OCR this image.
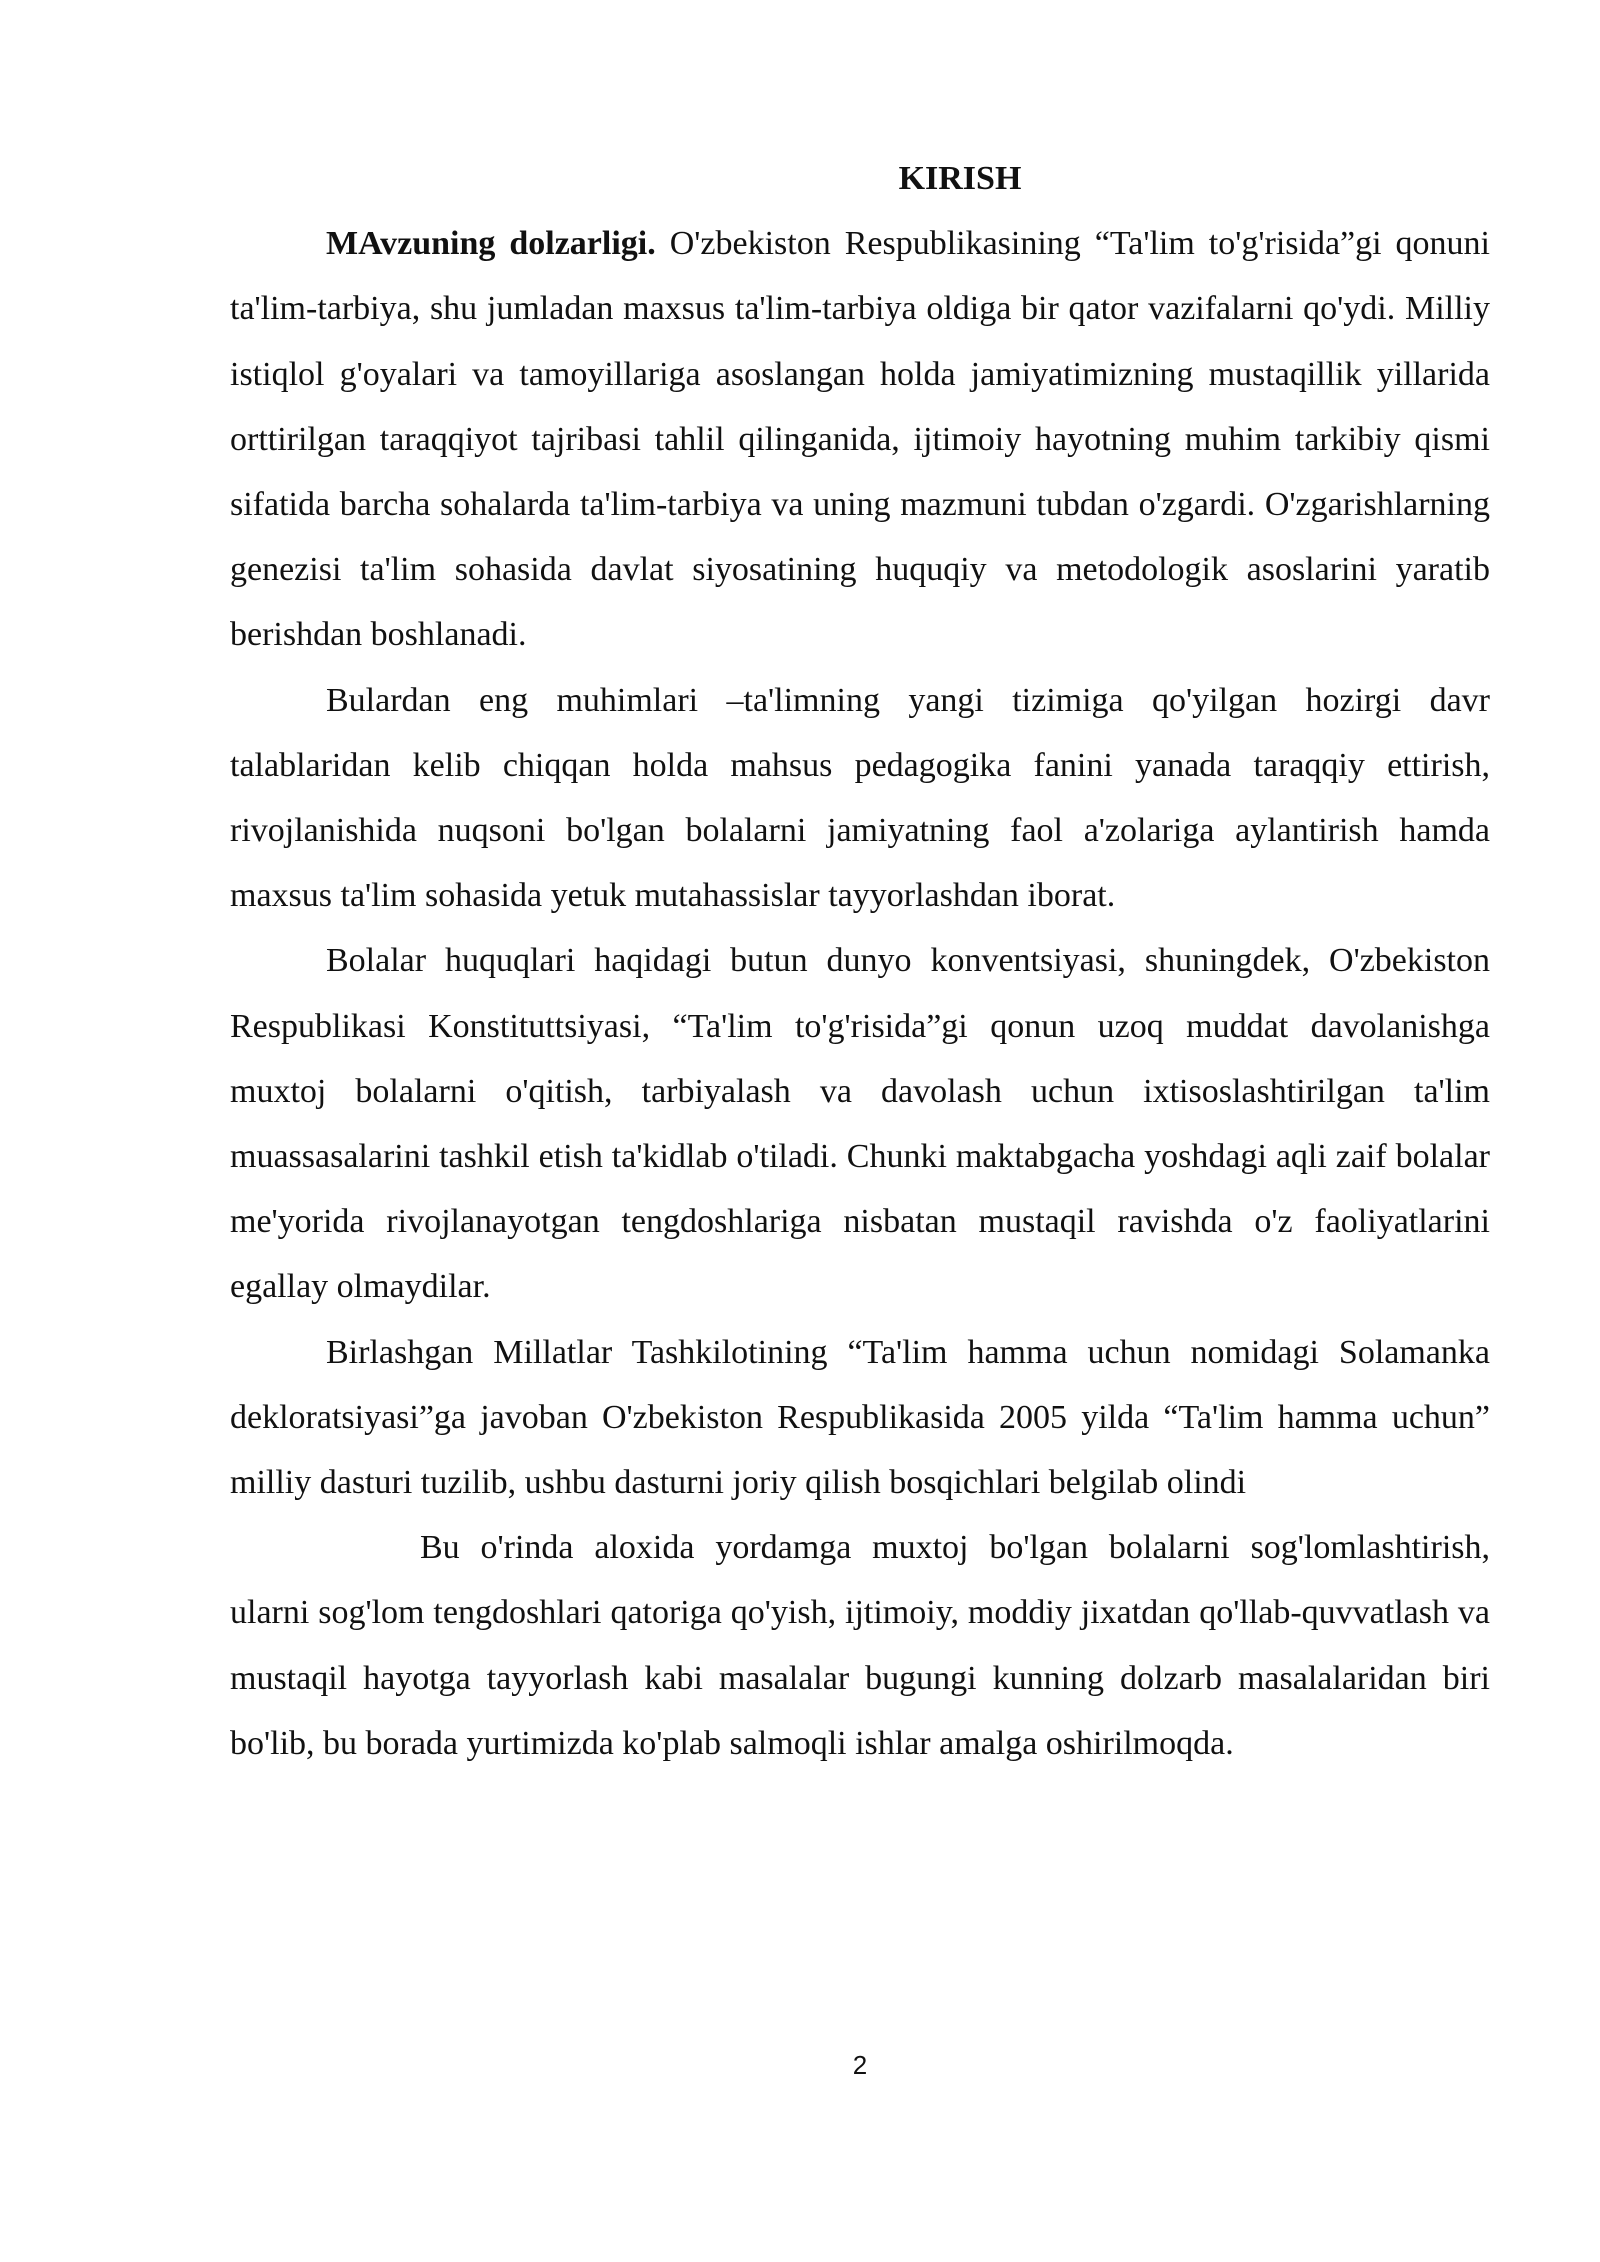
KIRISH

MAvzuning dolzarligi. O'zbekiston Respublikasining “Ta'lim to'g'risida”gi qonuni ta'lim-tarbiya, shu jumladan maxsus ta'lim-tarbiya oldiga bir qator vazifalarni qo'ydi. Milliy istiqlol g'oyalari va tamoyillariga asoslangan holda jamiyatimizning mustaqillik yillarida orttirilgan taraqqiyot tajribasi tahlil qilinganida, ijtimoiy hayotning muhim tarkibiy qismi sifatida barcha sohalarda ta'lim-tarbiya va uning mazmuni tubdan o'zgardi. O'zgarishlarning genezisi ta'lim sohasida davlat siyosatining huquqiy va metodologik asoslarini yaratib berishdan boshlanadi.

Bulardan eng muhimlari –ta'limning yangi tizimiga qo'yilgan hozirgi davr talablaridan kelib chiqqan holda mahsus pedagogika fanini yanada taraqqiy ettirish, rivojlanishida nuqsoni bo'lgan bolalarni jamiyatning faol a'zolariga aylantirish hamda maxsus ta'lim sohasida yetuk mutahassislar tayyorlashdan iborat.

Bolalar huquqlari haqidagi butun dunyo konventsiyasi, shuningdek, O'zbekiston Respublikasi Konstituttsiyasi, “Ta'lim to'g'risida”gi qonun uzoq muddat davolanishga muxtoj bolalarni o'qitish, tarbiyalash va davolash uchun ixtisoslashtirilgan ta'lim muassasalarini tashkil etish ta'kidlab o'tiladi. Chunki maktabgacha yoshdagi aqli zaif bolalar me'yorida rivojlanayotgan tengdoshlariga nisbatan mustaqil ravishda o'z faoliyatlarini egallay olmaydilar.

Birlashgan Millatlar Tashkilotining “Ta'lim hamma uchun nomidagi Solamanka dekloratsiyasi”ga javoban O'zbekiston Respublikasida 2005 yilda “Ta'lim hamma uchun” milliy dasturi tuzilib, ushbu dasturni joriy qilish bosqichlari belgilab olindi

Bu o'rinda aloxida yordamga muxtoj bo'lgan bolalarni sog'lomlashtirish, ularni sog'lom tengdoshlari qatoriga qo'yish, ijtimoiy, moddiy jixatdan qo'llab-quvvatlash va mustaqil hayotga tayyorlash kabi masalalar bugungi kunning dolzarb masalalaridan biri bo'lib, bu borada yurtimizda ko'plab salmoqli ishlar amalga oshirilmoqda.

2
